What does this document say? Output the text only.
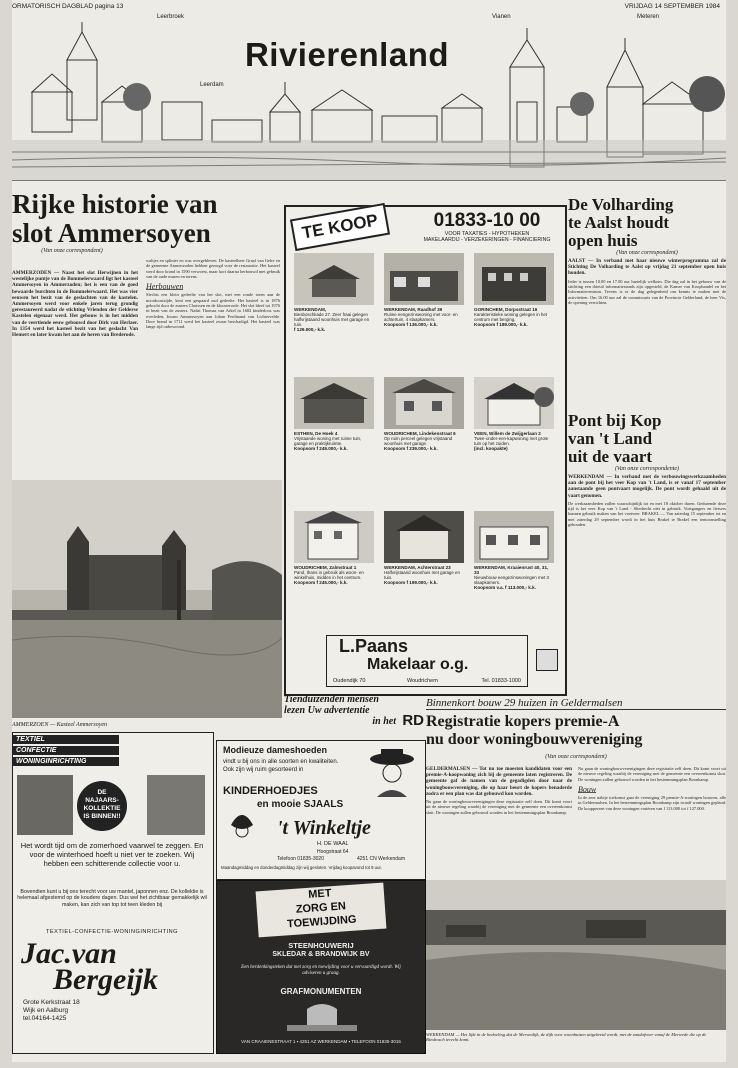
ORMATORISCH DAGBLAD pagina 13	VRIJDAG 14 SEPTEMBER 1984
Rivierenland
Leerbroek	Vianen	Meteren
Leerdam
Rijke historie van
slot Ammersoyen
(Van onze correspondent)

AMMERZODEN — Naast het slot Herwijnen in het westelijke puntje van de Bommelerwaard ligt het kasteel Ammersoyen in Ammerzoden; het is een van de goed bewaarde burchten in de Bommelerwaard. Het was vier eeuwen het bezit van de geslachten van de kastelen. Ammersoyen werd voor enkele jaren terug grondig gerestaureerd nadat de stichting Vrienden der Gelderse Kastelen eigenaar werd. Het gebouw is in het midden van de veertiende eeuw gebouwd door Dirk van Herlaer. In 1354 werd het kasteel bezit van het geslacht Van Hemert en later kwam het aan de heren van Brederode.

waltjes en splinter en was overgebleven. De kasteelheer Graaf van Gelre en de gemeente Ammerzoden hebben gezorgd voor de restauratie. Het kasteel werd door brand in 1590 verwoest, maar kort daarna herbouwd met gebruik van de oude muren en torens.

Herbouwen

Slechts een klein gedeelte van het slot, met een ronde toren aan de noordoostzijde, kent een gespaard oud gedeelte. Het kasteel is in 1876 gekocht door de zusters Clarissen en de kloosterorde. Het slot bleef tot 1976 in bezit van de zusters. Nadat Thomas van Arkel in 1682 kinderloos was overleden, kwam Ammersoyen aan Johan Ferdinand van Lichtervelde. Door brand in 1711 werd het kasteel zwaar beschadigd. Het kasteel was lange tijd onbewoond.

AMMERZOEN — Kasteel Ammersoyen
TE KOOP	01833-10 00
VOOR TAXATIES - HYPOTHEKEN
MAKELAARDIJ - VERZEKERINGEN - FINANCIERING
WERKENDAM,
Biesboschkade 27. Zeer fraai gelegen halfvrijstaand woonhuis met garage en tuin.
f 129.000,- k.k.
WERKENDAM, Raadhof 39
Ruime eengezinswoning met voor- en achtertuin, 4 slaapkamers.
Koopsom f 136.000,- k.k.
GORINCHEM, Dorpsstraat 16
Karakteristieke woning gelegen in het centrum met berging.
Koopsom f 189.000,- k.k.
ESTHEN, De Hoek 4
Vrijstaande woning met ruime tuin, garage en praktijkruimte.
Koopsom f 249.000,- k.k.
WOUDRICHEM, Lindekenstraat 6
Op ruim perceel gelegen vrijstaand woonhuis met garage.
Koopsom f 239.000,- k.k.
VEEN, Willem de Zwijgerlaan 2
Twee-onder-een-kapwoning met grote tuin op het zuiden.
(incl. koopakte)
WOUDRICHEM, Zalmstraat 1
Pand, thans in gebruik als woon- en winkelhuis, midden in het centrum.
Koopsom f 245.000,- k.k.
WERKENDAM, Achterstraat 23
Halfvrijstaand woonhuis met garage en tuin.
Koopsom f 199.000,- k.k.
WERKENDAM, Kraaienrust 40, 31, 33
Nieuwbouw eengezinswoningen met 3 slaapkamers.
Koopsom v.a. f 113.000,- k.k.
L.Paans
Makelaar o.g.
Oudendijk 70	Woudrichem	Tel. 01833-1000
De Volharding
te Aalst houdt
open huis
(Van onze correspondent)

AALST — In verband met haar nieuwe winterprogramma zal de Stichting De Volharding te Aalst op vrijdag 21 september open huis houden.

Ieder is tussen 10.00 en 17.00 uur hartelijk welkom. Die dag zal in het gebouw van de stichting een drietal informatiestands zijn opgesteld, de Kamer van Koophandel en het Informatiecentrum. Tevens is er de dag gelegenheid om kennis te maken met de activiteiten. Om 16.00 uur zal de commissaris van de Provincie Gelderland, de heer Vis, de opening verrichten.

Pont bij Kop
van 't Land
uit de vaart
(Van onze correspondente)

WERKENDAM — In verband met de verbouwingswerkzaamheden aan de pont bij het veer Kop van 't Land, is er vanaf 17 september aanstaande geen pontvaart mogelijk. De pont wordt gehaald uit de vaart genomen.

De werkzaamheden zullen waarschijnlijk tot en met 18 oktober duren. Gedurende deze tijd is het veer Kop van 't Land - Sliedrecht niet in gebruik. Voetgangers en fietsers kunnen gebruik maken van het voetveer. BRAKEL — Van zaterdag 15 september tot en met zaterdag 29 september wordt in het huis Brakel te Brakel een tentoonstelling gehouden.

Tienduizenden mensen
lezen Uw advertentie
in het RD
Binnenkort bouw 29 huizen in Geldermalsen
Registratie kopers premie-A
nu door woningbouwvereniging
(Van onze correspondent)

GELDERMALSEN — Tot nu toe moesten kandidaten voor een premie-A-koopwoning zich bij de gemeente laten registreren. De gemeente gaf de namen van de gegadigden door naar de woningbouwvereniging, die op haar beurt de kopers benaderde zodra er een plan was dat gebouwd kon worden.

Nu gaan de woningbouwverenigingen deze registratie zelf doen. Dit komt voort uit de nieuwe regeling waarbij de vereniging met de gemeente een overeenkomst sluit. De woningen zullen gebouwd worden in het bestemmingsplan Boonkamp.

Nu gaan de woningbouwverenigingen deze registratie zelf doen. Dit komt voort uit de nieuwe regeling waarbij de vereniging met de gemeente een overeenkomst sluit. De woningen zullen gebouwd worden in het bestemmingsplan Boonkamp.

Bouw

In de zeer nabije toekomst gaat de vereniging 29 premie-A-woningen bouwen, alle in Geldermalsen. In het bestemmingsplan Boonkamp zijn twaalf woningen gepland. De kooppersen van deze woningen variëren van f 113.000 tot f 127.000.

WERKENDAM — Het lijkt in de bedoeling dat de Merwedijk, de dijk voor woonhuizen uitgebreid wordt, met de zandafvoer vanaf de Merwede die op de Biesbosch terecht komt.
TEXTIEL
CONFECTIE
WONINGINRICHTING
DE NAJAARS-KOLLEKTIE IS BINNEN!!
Het wordt tijd om de zomerhoed vaarwel te zeggen. En voor de winterhoed hoeft u niet ver te zoeken. Wij hebben een schitterende collectie voor u.
Bovendien kunt u bij ons terecht voor uw mantel, japonnen enz. De kollektie is helemaal afgestemd op de koudere dagen. Dus wel het zichtbaar gemakkelijk wil maken, kan zich van top tot teen kleden bij
TEXTIEL-CONFECTIE-WONINGINRICHTING
Jac.van
Bergeijk
Grote Kerkstraat 18
Wijk en Aalburg
tel.04164-1425
Modieuze dameshoeden
vindt u bij ons in alle soorten en kwaliteiten. Ook zijn wij ruim gesorteerd in
KINDERHOEDJES
en mooie SJAALS
't Winkeltje
H. DE WAAL
Hoogstraat 64
Telefoon 01835-3020	4251 CN Werkendam
Maandagmiddag en donderdagmiddag zijn wij gesloten. Vrijdag koopavond tot 9 uur.
MET
ZORG EN
TOEWIJDING
STEENHOUWERIJ
SKLEDAR & BRANDWIJK BV
Een herdenkingsteken dat met zorg en toewijding voor u vervaardigd wordt. Wij adviseren u graag.
GRAFMONUMENTEN
VAN CRAAIENESTRAAT 1 ▪ 4251 AZ WERKENDAM ▪ TELEFOON 01835-3016
